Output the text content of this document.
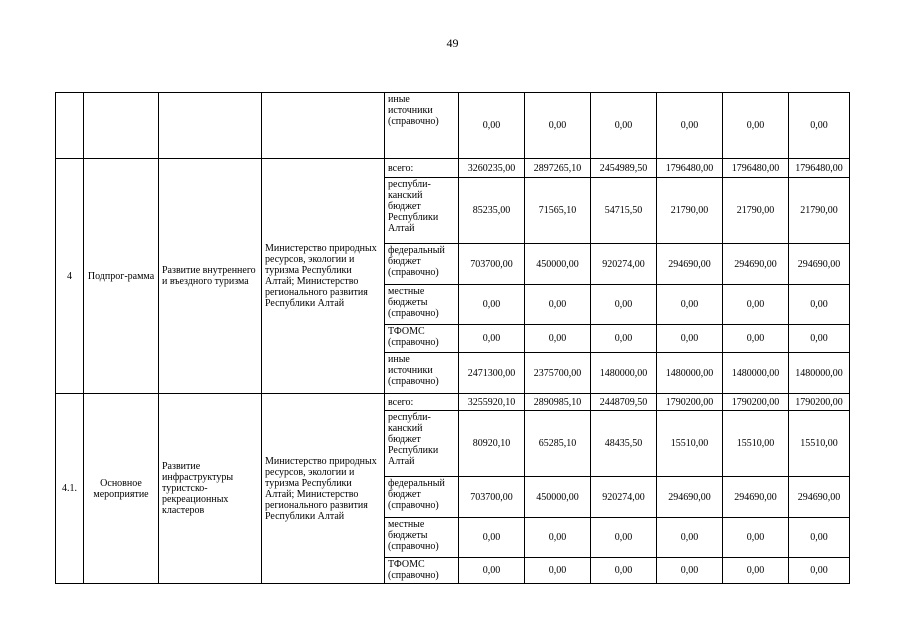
49
				иные источники (справочно)	0,00	0,00	0,00	0,00	0,00	0,00
4	Подпрог-рамма	Развитие внутреннего и въездного туризма	Министерство природных ресурсов, экологии и туризма Республики Алтай; Министерство регионального развития Республики Алтай	всего:	3260235,00	2897265,10	2454989,50	1796480,00	1796480,00	1796480,00
				республи-канский бюджет Республики Алтай	85235,00	71565,10	54715,50	21790,00	21790,00	21790,00
				федеральный бюджет (справочно)	703700,00	450000,00	920274,00	294690,00	294690,00	294690,00
				местные бюджеты (справочно)	0,00	0,00	0,00	0,00	0,00	0,00
				ТФОМС (справочно)	0,00	0,00	0,00	0,00	0,00	0,00
				иные источники (справочно)	2471300,00	2375700,00	1480000,00	1480000,00	1480000,00	1480000,00
4.1.	Основное мероприятие	Развитие инфраструктуры туристско-рекреационных кластеров	Министерство природных ресурсов, экологии и туризма Республики Алтай; Министерство регионального развития Республики Алтай	всего:	3255920,10	2890985,10	2448709,50	1790200,00	1790200,00	1790200,00
				республи-канский бюджет Республики Алтай	80920,10	65285,10	48435,50	15510,00	15510,00	15510,00
				федеральный бюджет (справочно)	703700,00	450000,00	920274,00	294690,00	294690,00	294690,00
				местные бюджеты (справочно)	0,00	0,00	0,00	0,00	0,00	0,00
				ТФОМС (справочно)	0,00	0,00	0,00	0,00	0,00	0,00
